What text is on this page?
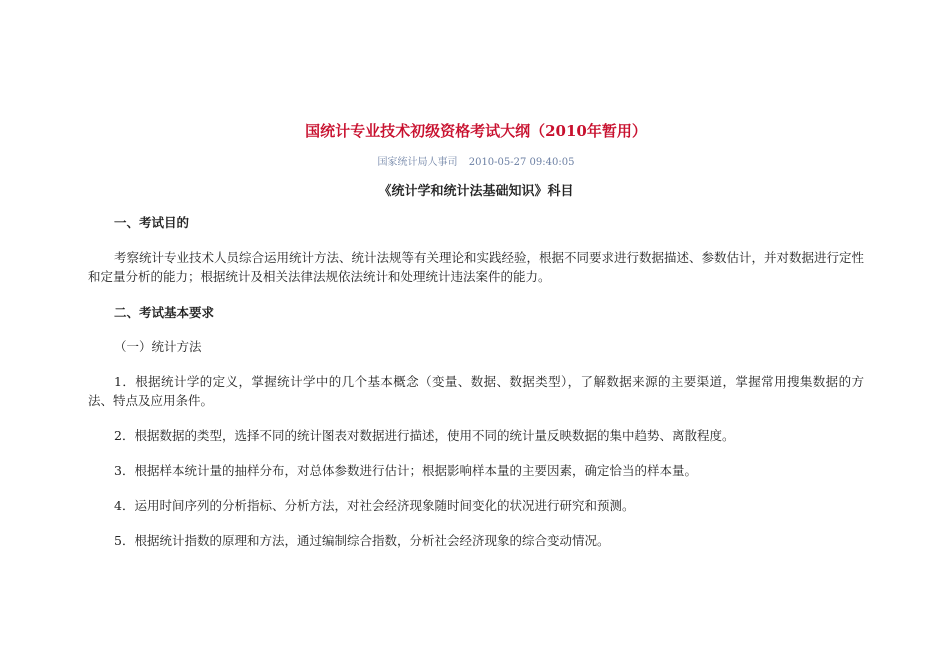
国统计专业技术初级资格考试大纲（2010年暂用）
国家统计局人事司 2010-05-27 09:40:05
《统计学和统计法基础知识》科目
一、考试目的

考察统计专业技术人员综合运用统计方法、统计法规等有关理论和实践经验，根据不同要求进行数据描述、参数估计，并对数据进行定性和定量分析的能力；根据统计及相关法律法规依法统计和处理统计违法案件的能力。

二、考试基本要求
（一）统计方法

1．根据统计学的定义，掌握统计学中的几个基本概念（变量、数据、数据类型），了解数据来源的主要渠道，掌握常用搜集数据的方法、特点及应用条件。

2．根据数据的类型，选择不同的统计图表对数据进行描述，使用不同的统计量反映数据的集中趋势、离散程度。

3．根据样本统计量的抽样分布，对总体参数进行估计；根据影响样本量的主要因素，确定恰当的样本量。

4．运用时间序列的分析指标、分析方法，对社会经济现象随时间变化的状况进行研究和预测。

5．根据统计指数的原理和方法，通过编制综合指数，分析社会经济现象的综合变动情况。
